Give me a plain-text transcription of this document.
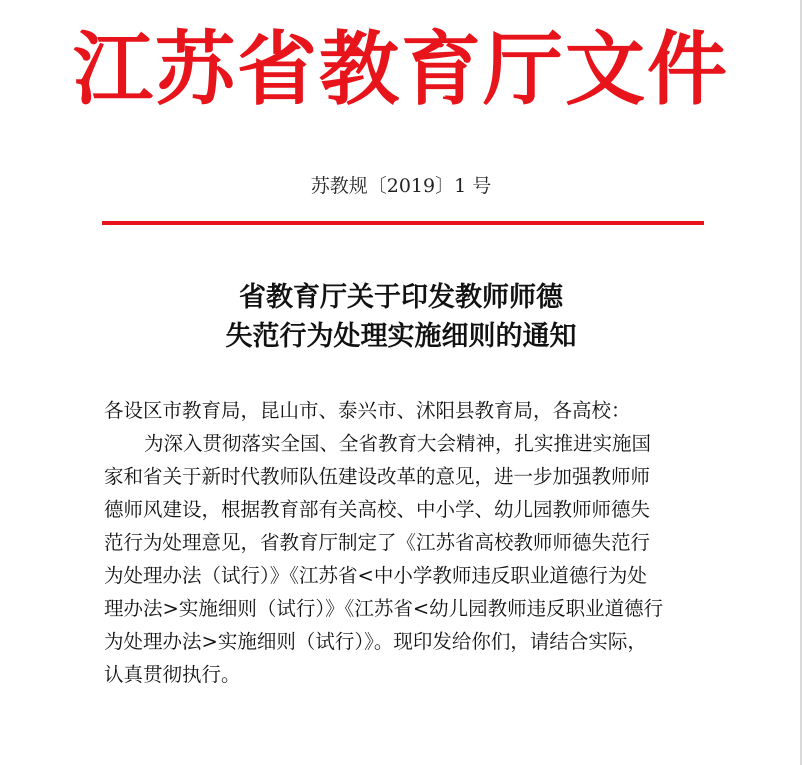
江苏省教育厅文件
苏教规〔2019〕1 号
省教育厅关于印发教师师德
失范行为处理实施细则的通知
各设区市教育局，昆山市、泰兴市、沭阳县教育局，各高校：
为深入贯彻落实全国、全省教育大会精神，扎实推进实施国
家和省关于新时代教师队伍建设改革的意见，进一步加强教师师
德师风建设，根据教育部有关高校、中小学、幼儿园教师师德失
范行为处理意见，省教育厅制定了《江苏省高校教师师德失范行
为处理办法（试行）》《江苏省<中小学教师违反职业道德行为处
理办法>实施细则（试行）》《江苏省<幼儿园教师违反职业道德行
为处理办法>实施细则（试行）》。现印发给你们，请结合实际，
认真贯彻执行。
